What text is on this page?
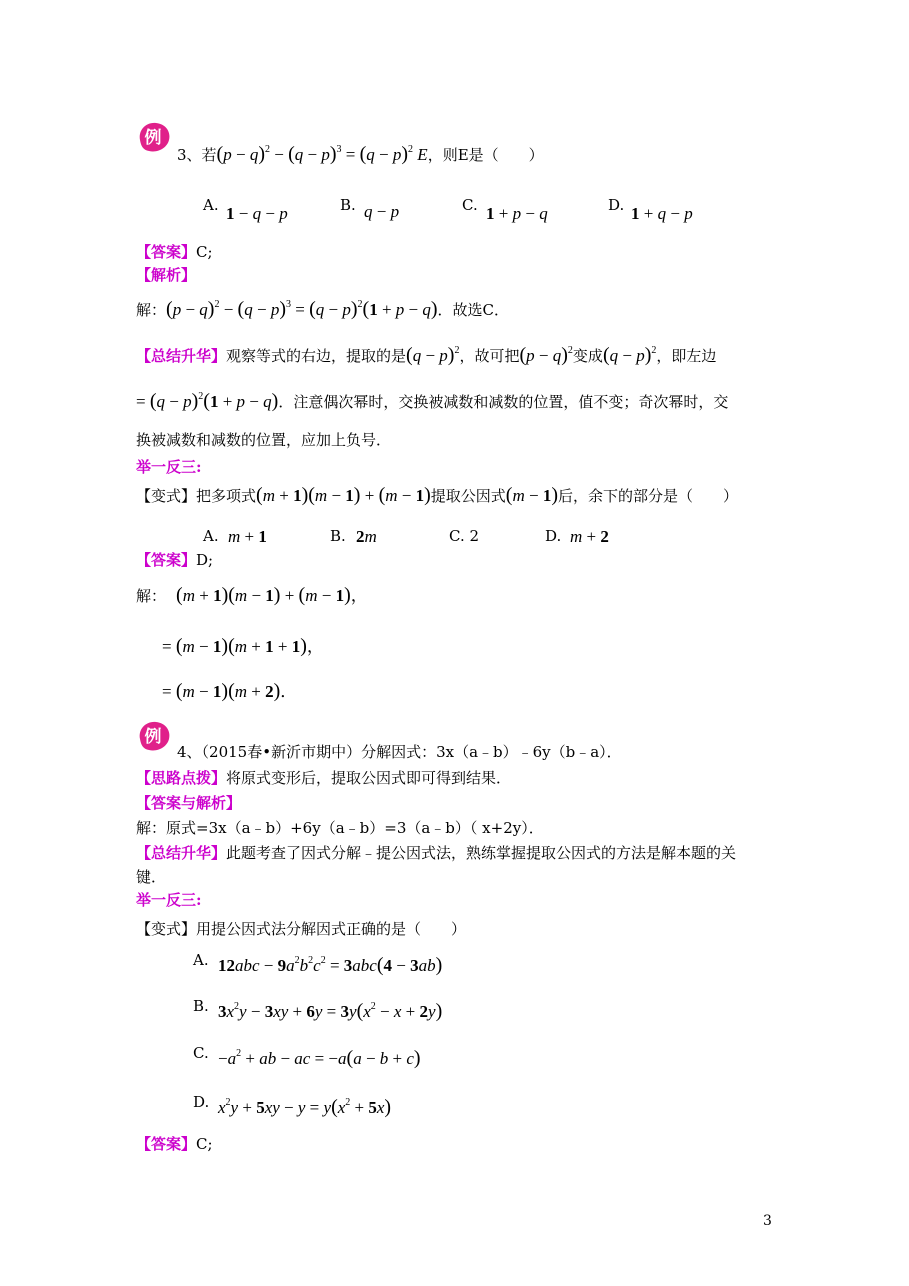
例
3、若$(p - q)^2 - (q - p)^3 = (q - p)^2$ E，则E是（　　）
A. 1 − q − p	B. q − p	C. 1 + p − q	D. 1 + q − p
【答案】C;
【解析】
解：$(p - q)^2 - (q - p)^3 = (q - p)^2(1 + p - q)$．故选C．
【总结升华】观察等式的右边，提取的是$(q - p)^2$，故可把$(p - q)^2$变成$(q - p)^2$，即左边
= $(q - p)^2(1 + p - q)$．注意偶次幂时，交换被减数和减数的位置，值不变；奇次幂时，交
换被减数和减数的位置，应加上负号．
举一反三:
【变式】把多项式(m + 1)(m − 1) + (m − 1)提取公因式(m − 1)后，余下的部分是（　　）
A. m + 1	B. 2m	C. 2	D. m + 2
【答案】D;
解： (m + 1)(m − 1) + (m − 1)，
= (m − 1)(m + 1 + 1)，
= (m − 1)(m + 2)．
例
4、（2015春•新沂市期中）分解因式：3x（a﹣b）﹣6y（b﹣a）．
【思路点拨】将原式变形后，提取公因式即可得到结果．
【答案与解析】
解：原式=3x（a﹣b）+6y（a﹣b）=3（a﹣b）（ x+2y）．
【总结升华】此题考查了因式分解﹣提公因式法，熟练掌握提取公因式的方法是解本题的关
键．
举一反三:
【变式】用提公因式法分解因式正确的是（　　）
A. $12abc - 9a^2b^2c^2 = 3abc(4 - 3ab)$
B. $3x^2y - 3xy + 6y = 3y(x^2 - x + 2y)$
C. $-a^2$ + ab − ac = −a(a − b + c)
D. $x^2y + 5xy - y = y(x^2 + 5x)$
【答案】C;
3
